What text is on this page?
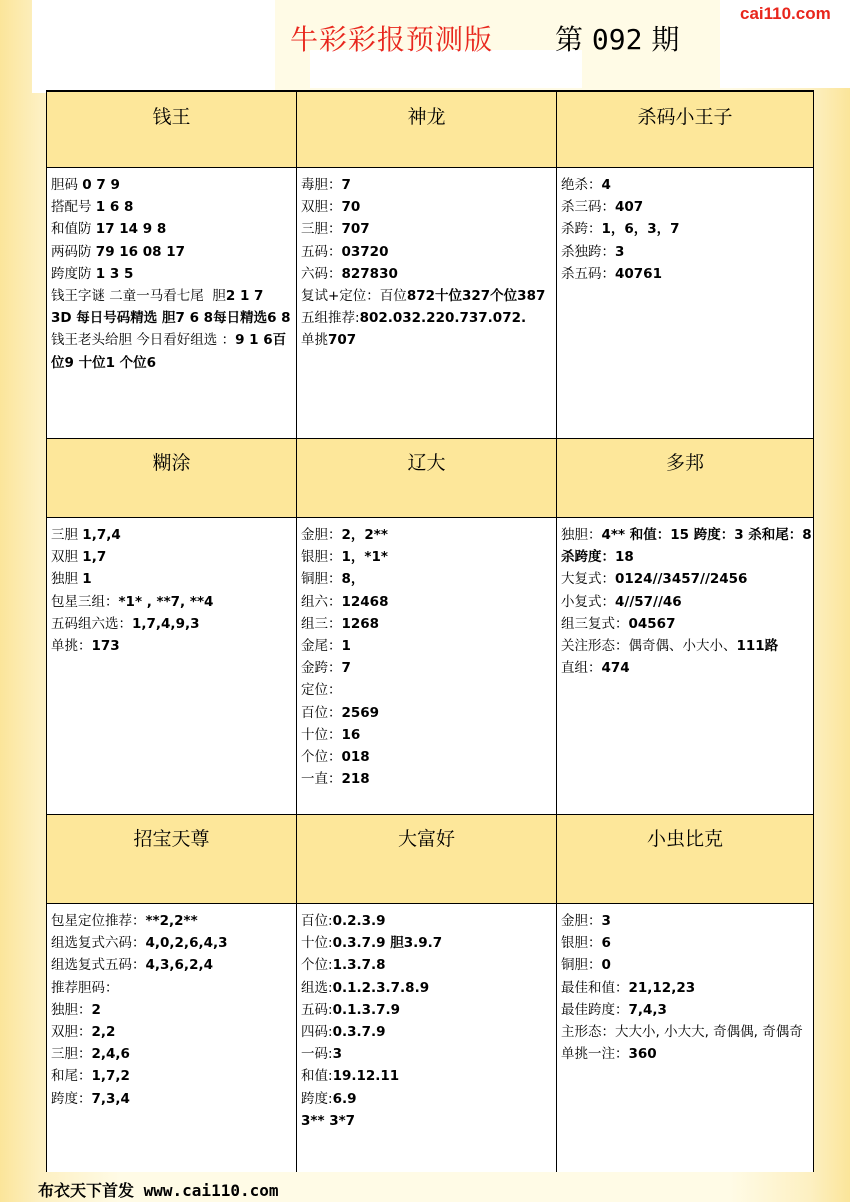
牛彩彩报预测版 第 092 期
cai110.com
钱王
胆码 0 7 9
搭配号 1 6 8
和值防 17 14 9 8
两码防 79 16 08 17
跨度防 1 3 5
钱王字谜 二童一马看七尾  胆2 1 7
3D 每日号码精选 胆7 6 8每日精选6 8
钱王老头给胆 今日看好组选 ：9 1 6百位9 十位1 个位6
神龙
毒胆：7
双胆：70
三胆：707
五码：03720
六码：827830
复试+定位：百位872十位327个位387
五组推荐:802.032.220.737.072.
单挑707
杀码小王子
绝杀：4
杀三码：407
杀跨：1，6，3，7
杀独跨：3
杀五码：40761
糊涂
三胆 1,7,4
双胆 1,7
独胆 1
包星三组：*1* , **7, **4
五码组六选：1,7,4,9,3
单挑：173
辽大
金胆：2，2**
银胆：1，*1*
铜胆：8，
组六：12468
组三：1268
金尾：1
金跨：7
定位：
百位：2569
十位：16
个位：018
一直：218
多邦
独胆：4** 和值：15 跨度：3 杀和尾：8 杀跨度：18
大复式：0124//3457//2456
小复式：4//57//46
组三复式：04567
关注形态：偶奇偶、小大小、111路
直组：474
招宝天尊
包星定位推荐：**2,2**
组选复式六码：4,0,2,6,4,3
组选复式五码：4,3,6,2,4
推荐胆码：
独胆：2
双胆：2,2
三胆：2,4,6
和尾：1,7,2
跨度：7,3,4
大富好
百位:0.2.3.9
十位:0.3.7.9 胆3.9.7
个位:1.3.7.8
组选:0.1.2.3.7.8.9
五码:0.1.3.7.9
四码:0.3.7.9
一码:3
和值:19.12.11
跨度:6.9
3** 3*7
小虫比克
金胆：3
银胆：6
铜胆：0
最佳和值：21,12,23
最佳跨度：7,4,3
主形态：大大小, 小大大, 奇偶偶, 奇偶奇
单挑一注：360
布衣天下首发 www.cai110.com
